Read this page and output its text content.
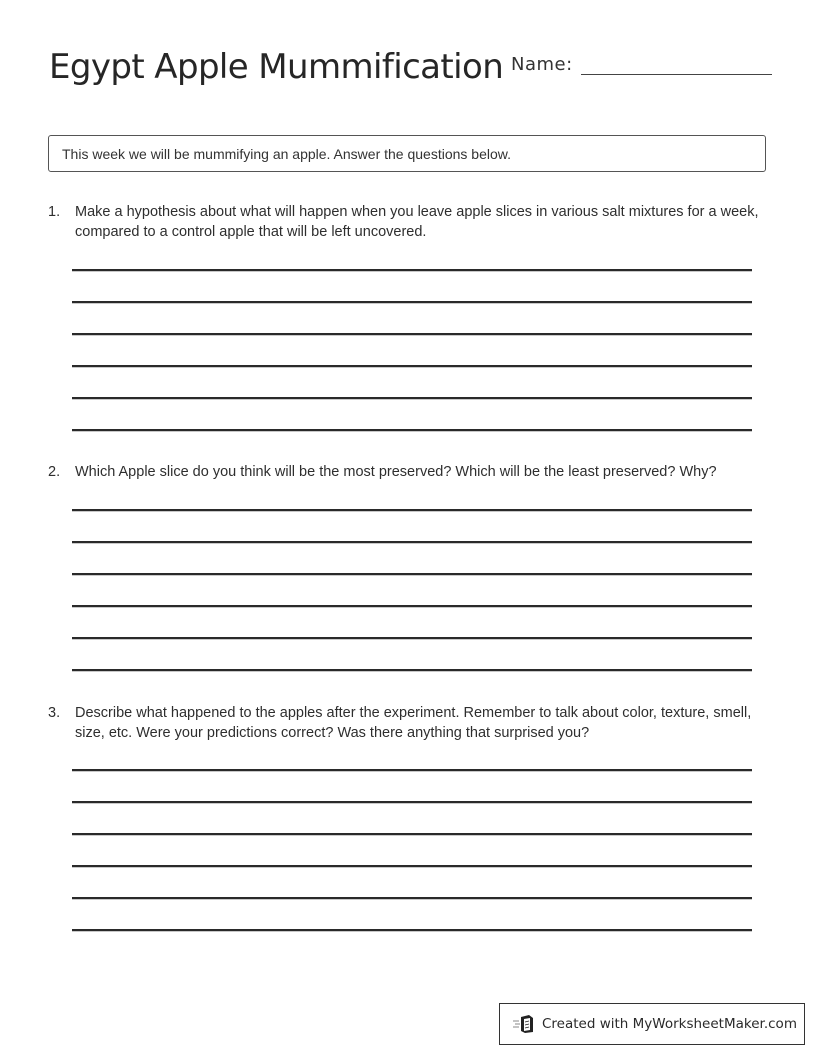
Egypt Apple Mummification Name:
This week we will be mummifying an apple. Answer the questions below.
1.	Make a hypothesis about what will happen when you leave apple slices in various salt mixtures for a week, compared to a control apple that will be left uncovered.
2.	Which Apple slice do you think will be the most preserved? Which will be the least preserved? Why?
3.	Describe what happened to the apples after the experiment. Remember to talk about color, texture, smell, size, etc. Were your predictions correct? Was there anything that surprised you?
Created with MyWorksheetMaker.com
